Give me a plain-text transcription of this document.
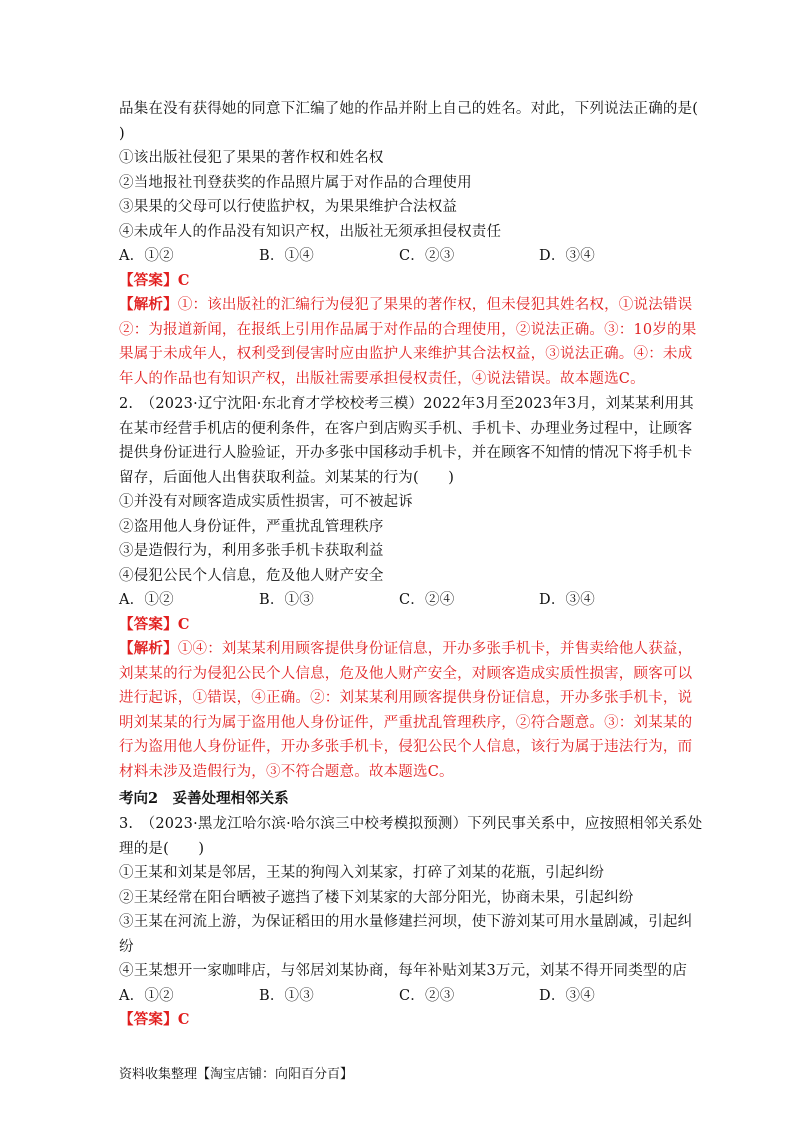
品集在没有获得她的同意下汇编了她的作品并附上自己的姓名。对此，下列说法正确的是(
)
①该出版社侵犯了果果的著作权和姓名权
②当地报社刊登获奖的作品照片属于对作品的合理使用
③果果的父母可以行使监护权，为果果维护合法权益
④未成年人的作品没有知识产权，出版社无须承担侵权责任
A．①②	B．①④	C．②③	D．③④
【答案】C
【解析】①：该出版社的汇编行为侵犯了果果的著作权，但未侵犯其姓名权，①说法错误
②：为报道新闻，在报纸上引用作品属于对作品的合理使用，②说法正确。③：10岁的果
果属于未成年人，权利受到侵害时应由监护人来维护其合法权益，③说法正确。④：未成
年人的作品也有知识产权，出版社需要承担侵权责任，④说法错误。故本题选C。
2.　（2023·辽宁沈阳·东北育才学校校考三模）2022年3月至2023年3月，刘某某利用其
在某市经营手机店的便利条件，在客户到店购买手机、手机卡、办理业务过程中，让顾客
提供身份证进行人脸验证，开办多张中国移动手机卡，并在顾客不知情的情况下将手机卡
留存，后面他人出售获取利益。刘某某的行为(　　)
①并没有对顾客造成实质性损害，可不被起诉
②盗用他人身份证件，严重扰乱管理秩序
③是造假行为，利用多张手机卡获取利益
④侵犯公民个人信息，危及他人财产安全
A．①②	B．①③	C．②④	D．③④
【答案】C
【解析】①④：刘某某利用顾客提供身份证信息，开办多张手机卡，并售卖给他人获益，
刘某某的行为侵犯公民个人信息，危及他人财产安全，对顾客造成实质性损害，顾客可以
进行起诉，①错误，④正确。②：刘某某利用顾客提供身份证信息，开办多张手机卡，说
明刘某某的行为属于盗用他人身份证件，严重扰乱管理秩序，②符合题意。③：刘某某的
行为盗用他人身份证件，开办多张手机卡，侵犯公民个人信息，该行为属于违法行为，而
材料未涉及造假行为，③不符合题意。故本题选C。
考向2　妥善处理相邻关系
3.　（2023·黑龙江哈尔滨·哈尔滨三中校考模拟预测）下列民事关系中，应按照相邻关系处
理的是(　　)
①王某和刘某是邻居，王某的狗闯入刘某家，打碎了刘某的花瓶，引起纠纷
②王某经常在阳台晒被子遮挡了楼下刘某家的大部分阳光，协商未果，引起纠纷
③王某在河流上游，为保证稻田的用水量修建拦河坝，使下游刘某可用水量剧减，引起纠
纷
④王某想开一家咖啡店，与邻居刘某协商，每年补贴刘某3万元，刘某不得开同类型的店
A．①②	B．①③	C．②③	D．③④
【答案】C
资料收集整理【淘宝店铺：向阳百分百】
